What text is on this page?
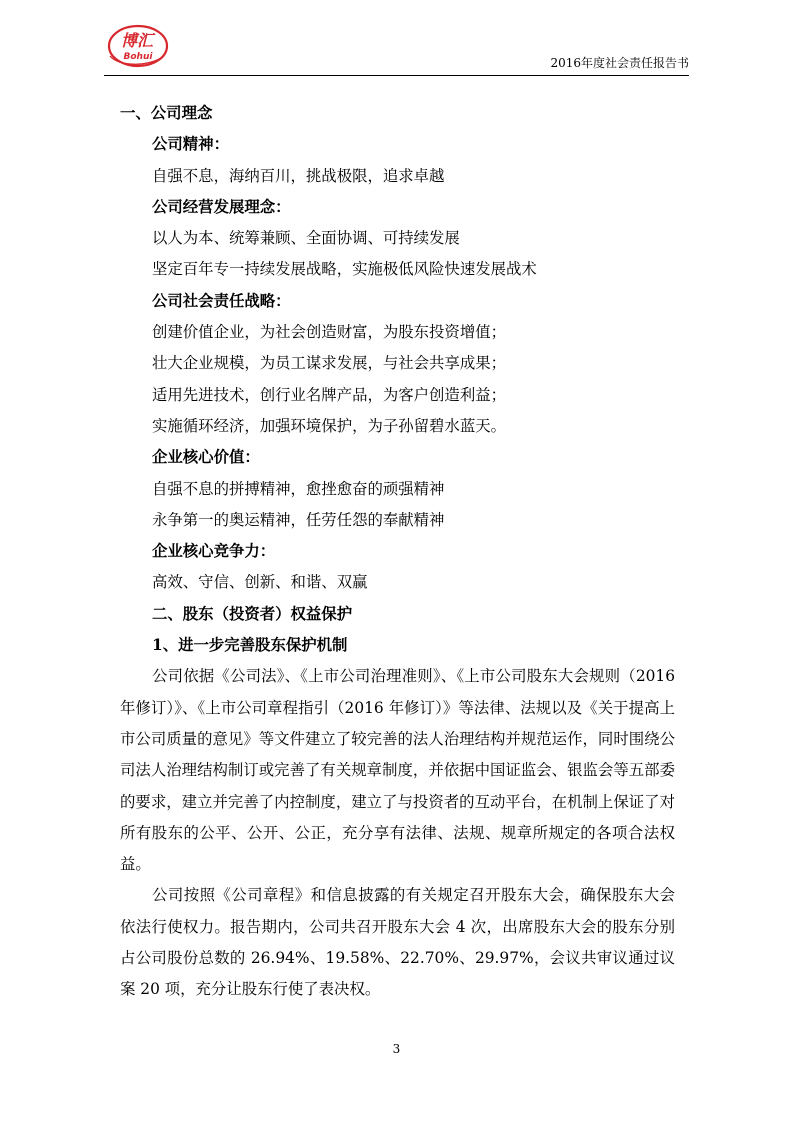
博汇
Bohui	2016年度社会责任报告书
一、公司理念
公司精神：
自强不息，海纳百川，挑战极限，追求卓越
公司经营发展理念：
以人为本、统筹兼顾、全面协调、可持续发展
坚定百年专一持续发展战略，实施极低风险快速发展战术
公司社会责任战略：
创建价值企业，为社会创造财富，为股东投资增值；
壮大企业规模，为员工谋求发展，与社会共享成果；
适用先进技术，创行业名牌产品，为客户创造利益；
实施循环经济，加强环境保护，为子孙留碧水蓝天。
企业核心价值：
自强不息的拼搏精神，愈挫愈奋的顽强精神
永争第一的奥运精神，任劳任怨的奉献精神
企业核心竞争力：
高效、守信、创新、和谐、双赢
二、股东（投资者）权益保护
1、进一步完善股东保护机制
公司依据《公司法》、《上市公司治理准则》、《上市公司股东大会规则（2016年修订）》、《上市公司章程指引（2016 年修订）》等法律、法规以及《关于提高上市公司质量的意见》等文件建立了较完善的法人治理结构并规范运作，同时围绕公司法人治理结构制订或完善了有关规章制度，并依据中国证监会、银监会等五部委的要求，建立并完善了内控制度，建立了与投资者的互动平台，在机制上保证了对所有股东的公平、公开、公正，充分享有法律、法规、规章所规定的各项合法权益。
公司按照《公司章程》和信息披露的有关规定召开股东大会，确保股东大会依法行使权力。报告期内，公司共召开股东大会 4 次，出席股东大会的股东分别占公司股份总数的 26.94%、19.58%、22.70%、29.97%，会议共审议通过议案 20 项，充分让股东行使了表决权。
3
